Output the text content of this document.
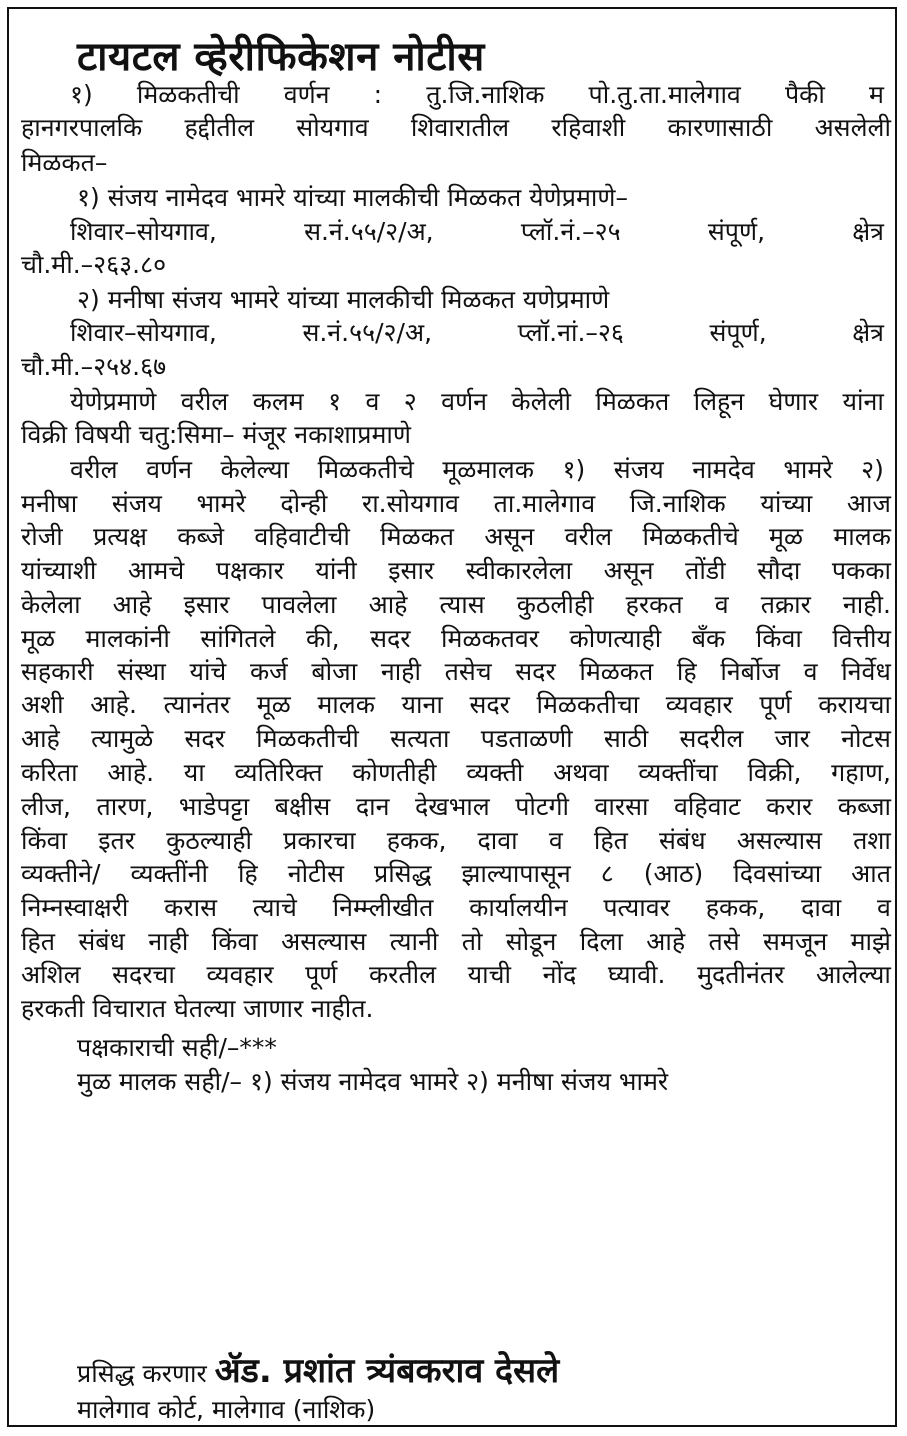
टायटल व्हेरीफिकेशन नोटीस
१) मिळकतीची वर्णन : तु.जि.नाशिक पो.तु.ता.मालेगाव पैकी म
हानगरपालकि हद्दीतील सोयगाव शिवारातील रहिवाशी कारणासाठी असलेली
मिळकत–
१) संजय नामेदव भामरे यांच्या मालकीची मिळकत येणेप्रमाणे–
शिवार–सोयगाव,	स.नं.५५/२/अ,	प्लॉ.नं.–२५	संपूर्ण,	क्षेत्र
चौ.मी.–२६३.८०
२) मनीषा संजय भामरे यांच्या मालकीची मिळकत यणेप्रमाणे
शिवार–सोयगाव,	स.नं.५५/२/अ,	प्लॉ.नां.–२६	संपूर्ण,	क्षेत्र
चौ.मी.–२५४.६७
येणेप्रमाणे वरील कलम १ व २ वर्णन केलेली मिळकत लिहून घेणार यांना
विक्री विषयी चतु:सिमा– मंजूर नकाशाप्रमाणे
वरील वर्णन केलेल्या मिळकतीचे मूळमालक १) संजय नामदेव भामरे २)
मनीषा संजय भामरे दोन्ही रा.सोयगाव ता.मालेगाव जि.नाशिक यांच्या आज
रोजी प्रत्यक्ष कब्जे वहिवाटीची मिळकत असून वरील मिळकतीचे मूळ मालक
यांच्याशी आमचे पक्षकार यांनी इसार स्वीकारलेला असून तोंडी सौदा पकका
केलेला आहे इसार पावलेला आहे त्यास कुठलीही हरकत व तक्रार नाही.
मूळ मालकांनी सांगितले की, सदर मिळकतवर कोणत्याही बँक किंवा वित्तीय
सहकारी संस्था यांचे कर्ज बोजा नाही तसेच सदर मिळकत हि निर्बोज व निर्वेध
अशी आहे. त्यानंतर मूळ मालक याना सदर मिळकतीचा व्यवहार पूर्ण करायचा
आहे त्यामुळे सदर मिळकतीची सत्यता पडताळणी साठी सदरील जार नोटस
करिता आहे. या व्यतिरिक्त कोणतीही व्यक्ती अथवा व्यक्तींचा विक्री, गहाण,
लीज, तारण, भाडेपट्टा बक्षीस दान देखभाल पोटगी वारसा वहिवाट करार कब्जा
किंवा इतर कुठल्याही प्रकारचा हकक, दावा व हित संबंध असल्यास तशा
व्यक्तीने/ व्यक्तींनी हि नोटीस प्रसिद्ध झाल्यापासून ८ (आठ) दिवसांच्या आत
निम्नस्वाक्षरी करास त्याचे निम्म्लीखीत कार्यालयीन पत्यावर हकक, दावा व
हित संबंध नाही किंवा असल्यास त्यानी तो सोडून दिला आहे तसे समजून माझे
अशिल सदरचा व्यवहार पूर्ण करतील याची नोंद घ्यावी. मुदतीनंतर आलेल्या
हरकती विचारात घेतल्या जाणार नाहीत.
पक्षकाराची सही/–***
मुळ मालक सही/– १) संजय नामेदव भामरे २) मनीषा संजय भामरे
प्रसिद्ध करणार ॲड. प्रशांत त्र्यंबकराव देसले
मालेगाव कोर्ट, मालेगाव (नाशिक)
